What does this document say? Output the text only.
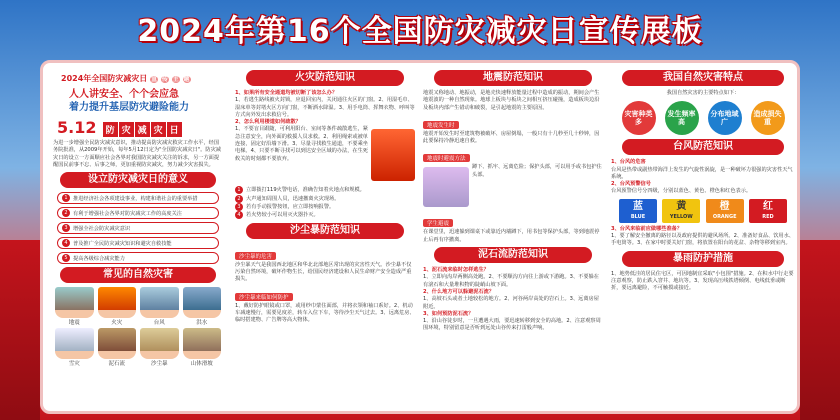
2024年第16个全国防灾减灾日宣传展板
2024年全国防灾减灾日 宣 传 主 题
人人讲安全、个个会应急
着力提升基层防灾避险能力
5.12 防 灾 减 灾 日
为进一步增强全民防灾减灾意识，推动提高防灾减灾救灾工作水平，经国务院批准，从2009年开始，每年5月12日定为"全国防灾减灾日"。防灾减灾日的设立一方面顺应社会各界对我国防灾减灾关注的诉求，另一方面提醒国民前事不忘、后事之师，更加重视防灾减灾，努力减少灾害损失。
设立防灾减灾日的意义
1	推进经济社会各项建设事业，构建和谐社会的重要举措
2	有利于增强社会各界对防灾减灾工作的高度关注
3	增强全社会防灾减灾意识
4	普及推广全民防灾减灾知识和避灾自救技能
5	提高各级综合减灾能力
常见的自然灾害
地震	火灾	台风	洪水
雪灾	泥石流	沙尘暴	山体滑坡
火灾防范知识
1、如果所有安全通道均被切断了该怎么办？
1、若逃生路线被火封锁，应退回室内，关闭通往火区的门窗。2、用湿毛巾、湿床单等封堵火区方向门窗，不断洒水降温。3、用手电筒、挥舞衣物、呼叫等方式向外发出求救信号。
2、怎么利用楼道如何疏散？
1、不要盲目跟随，可利用阳台、室间等条件疏散逃生，紧急注意安全，向外面的救援人员求救。2、利用绳索或被单连接，固定好沿墙下滑。3、尽量寻找救生通道，不要乘坐电梯。4、只要不断寻找可以到达安全区域的办法，在生死攸关的时刻都不要放弃。
1 立即拨打119火警电话，准确告知着火地点和规模。
2 大声通知周围人员，迅速撤离火灾现场。
3 若有手动报警按钮，应立即按响报警。
4 若火势较小可以用灭火器扑灭。
沙尘暴防范知识
沙尘暴的危害
沙尘暴天气是我国西北地区和华北北部地区常出现的灾害性天气。沙尘暴不仅污染自然环境，破坏作物生长，给国民经济建设和人民生命财产安全造成严重损失。
沙尘暴来临如何防护
1、戴好防护眼镜或口罩，或用纱巾蒙住面部，并将衣领和袖口系好。2、机动车减速慢行，需要见度差，转车入位下车，等待沙尘天气过去。3、远离危房、临时搭建物、广告牌等高大物体。
地震防范知识
地震又称地动、地振动，是地壳快速释放能量过程中造成的振动，期间会产生地震波的一种自然现象。地球上板块与板块之间相互挤压碰撞，造成板块边沿及板块内部产生错动和破裂，是引起地震的主要原因。
地震发生时
地震开始发生时至建筑物被破坏、房屋倒塌，一般只有十几秒至几十秒钟，因此要保持冷静迅速自救。
地震时避震方法
蹲下、抓牢、远离危险；保护头部，可以用手或书包护住头部。
学生避震
在课堂里，迅速躲到课桌下或靠近内墙蹲下，用书包等保护头部，等到地震停止后再有序撤离。
泥石流防范知识
1、泥石流来临时怎样逃生？
1、立即向沟岸两侧高处跑。2、不要顺沟方向往上游或下游跑。3、不要躲在有滚石和大量堆积物的陡峭山坡下面。
2、什么地方可以躲避泥石流？
1、高坡石头或者土地较松的地方。2、河谷两岸高处的岩石上。3、远离房屋附近。
3、如何预防泥石流？
1、沿山谷徒步时，一旦遭遇大雨，要迅速转移到安全的高地。2、注意观察周围环境，特别留意是否听到远处山谷传来打雷般声响。
我国自然灾害特点
我国自然灾害的主要特点如下：
灾害种类多
发生频率高
分布地域广
造成损失重
台风防范知识
1、台风的危害
台风是热带或副热带海洋上发生的气旋性涡旋，是一种破坏力很强的灾害性天气系统。
2、台风预警信号
台风预警信号分四级，分别以蓝色、黄色、橙色和红色表示。
蓝
BLUE
黄
YELLOW
橙
ORANGE
红
RED
3、台风来临前应做哪些准备？
1、要了解安全撤离的路径以及政府提供的避风场所。2、准备好食品、饮用水、手电筒等。3、在家中时要关好门窗，将放置在阳台的花盆、杂物等移到室内。
暴雨防护措施
1、地势低洼的居民住宅区，可因地制宜采取"小包围"措施。2、在积水中行走要注意观察，防止跌入窨井、地坑等。3、发现高压线铁塔倾倒、电线低垂或断折，要远离避险，不可触摸或接近。
